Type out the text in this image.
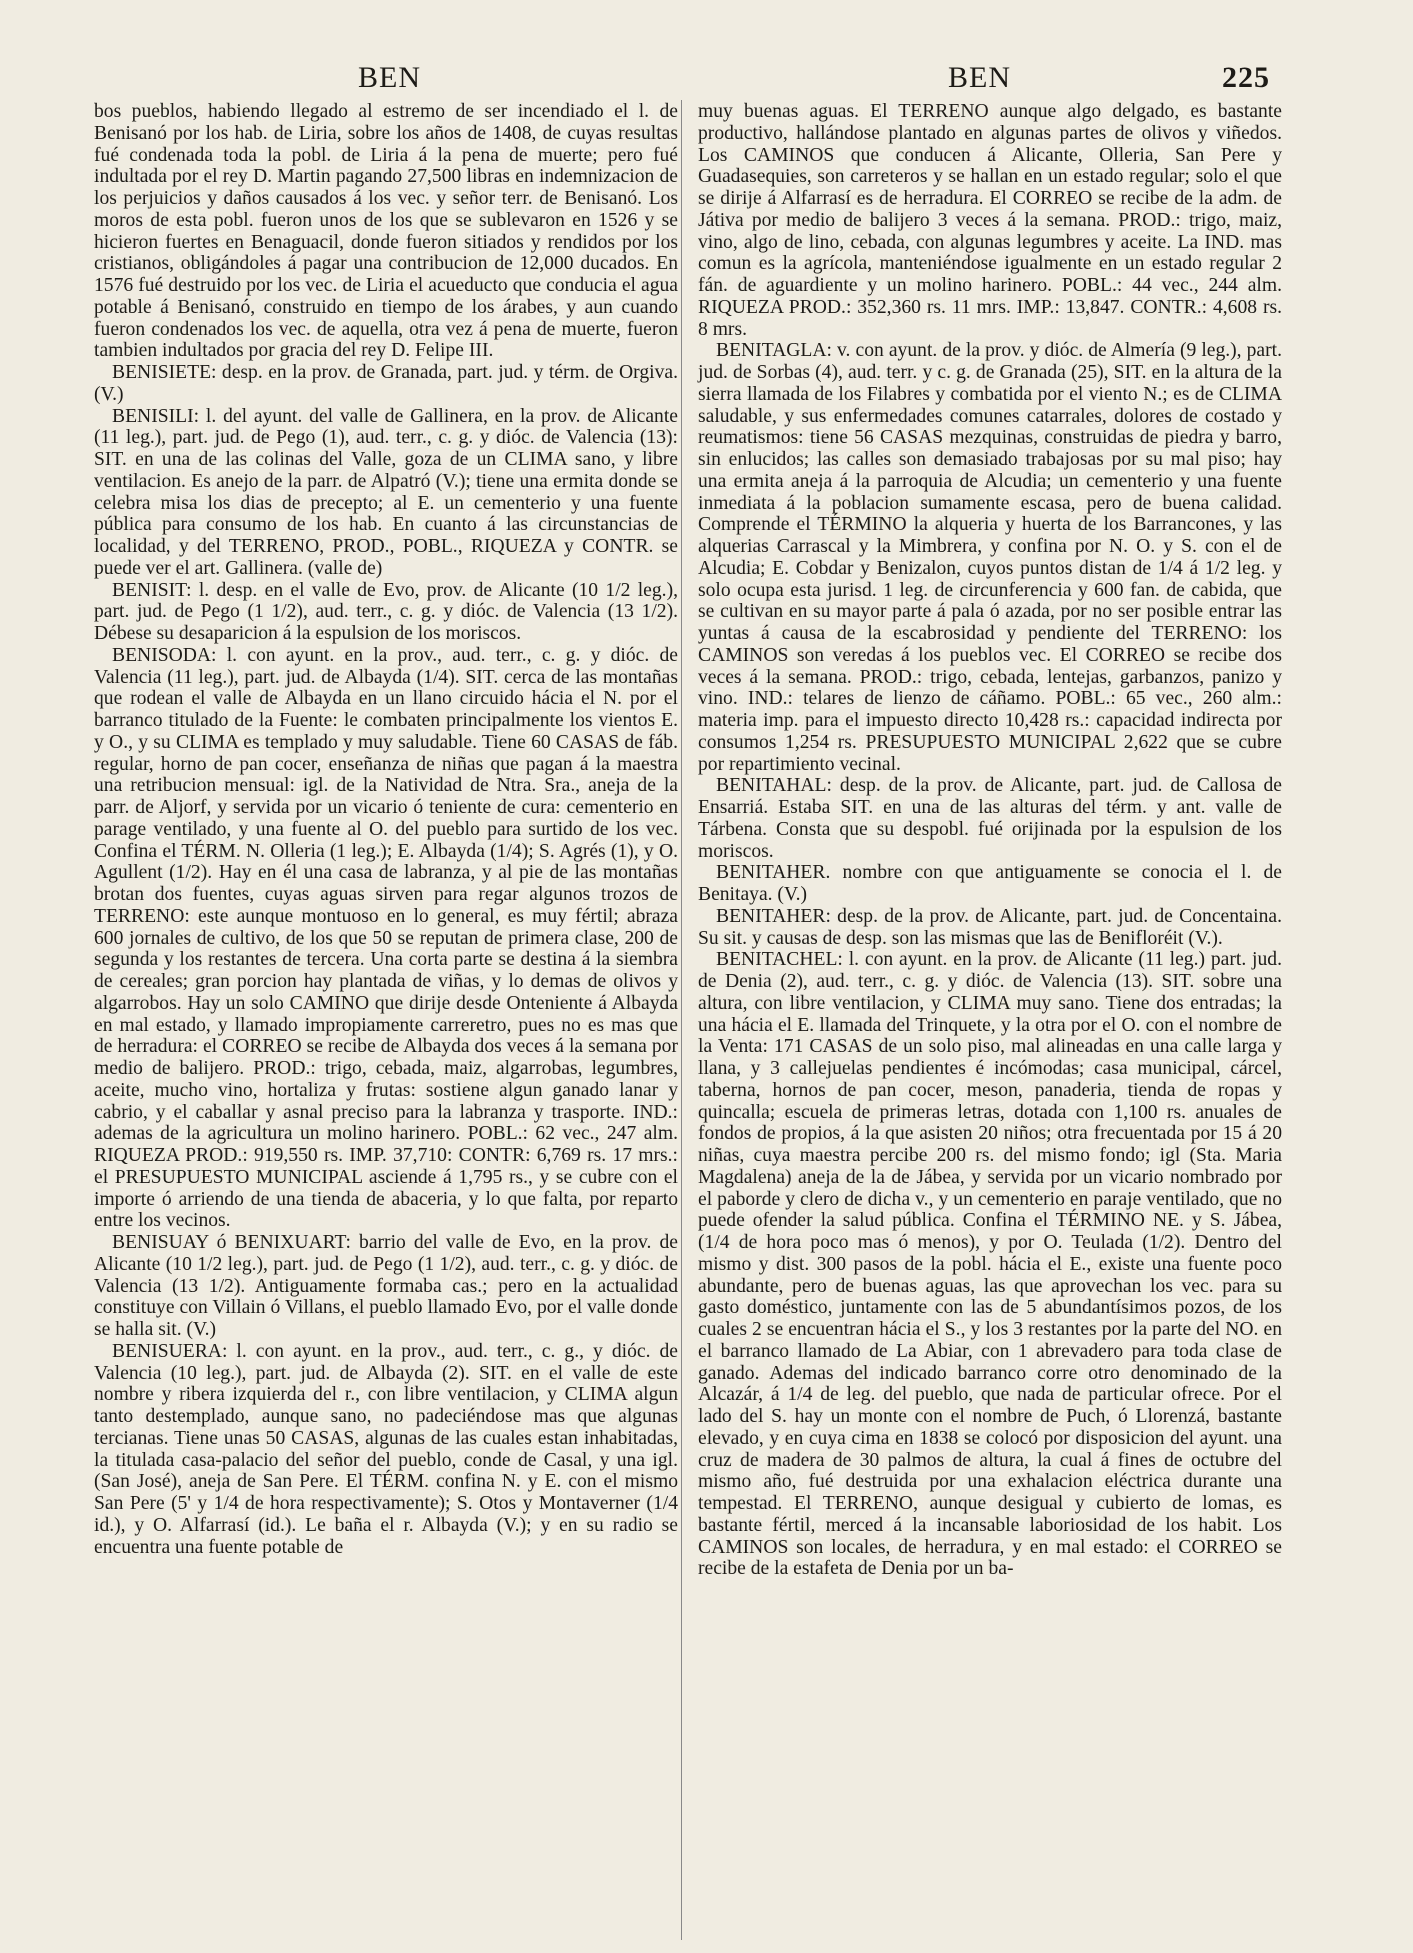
BEN	BEN	225

bos pueblos, habiendo llegado al estremo de ser incendiado el l. de Benisanó por los hab. de Liria, sobre los años de 1408, de cuyas resultas fué condenada toda la pobl. de Liria á la pena de muerte; pero fué indultada por el rey D. Martin pagando 27,500 libras en indemnizacion de los perjuicios y daños causados á los vec. y señor terr. de Benisanó. Los moros de esta pobl. fueron unos de los que se sublevaron en 1526 y se hicieron fuertes en Benaguacil, donde fueron sitiados y rendidos por los cristianos, obligándoles á pagar una contribucion de 12,000 ducados. En 1576 fué destruido por los vec. de Liria el acueducto que conducia el agua potable á Benisanó, construido en tiempo de los árabes, y aun cuando fueron condenados los vec. de aquella, otra vez á pena de muerte, fueron tambien indultados por gracia del rey D. Felipe III.

BENISIETE: desp. en la prov. de Granada, part. jud. y térm. de Orgiva. (V.)

BENISILI: l. del ayunt. del valle de Gallinera, en la prov. de Alicante (11 leg.), part. jud. de Pego (1), aud. terr., c. g. y dióc. de Valencia (13): SIT. en una de las colinas del Valle, goza de un CLIMA sano, y libre ventilacion. Es anejo de la parr. de Alpatró (V.); tiene una ermita donde se celebra misa los dias de precepto; al E. un cementerio y una fuente pública para consumo de los hab. En cuanto á las circunstancias de localidad, y del TERRENO, PROD., POBL., RIQUEZA y CONTR. se puede ver el art. Gallinera. (valle de)

BENISIT: l. desp. en el valle de Evo, prov. de Alicante (10 1/2 leg.), part. jud. de Pego (1 1/2), aud. terr., c. g. y dióc. de Valencia (13 1/2). Débese su desaparicion á la espulsion de los moriscos.

BENISODA: l. con ayunt. en la prov., aud. terr., c. g. y dióc. de Valencia (11 leg.), part. jud. de Albayda (1/4). SIT. cerca de las montañas que rodean el valle de Albayda en un llano circuido hácia el N. por el barranco titulado de la Fuente: le combaten principalmente los vientos E. y O., y su CLIMA es templado y muy saludable. Tiene 60 CASAS de fáb. regular, horno de pan cocer, enseñanza de niñas que pagan á la maestra una retribucion mensual: igl. de la Natividad de Ntra. Sra., aneja de la parr. de Aljorf, y servida por un vicario ó teniente de cura: cementerio en parage ventilado, y una fuente al O. del pueblo para surtido de los vec. Confina el TÉRM. N. Olleria (1 leg.); E. Albayda (1/4); S. Agrés (1), y O. Agullent (1/2). Hay en él una casa de labranza, y al pie de las montañas brotan dos fuentes, cuyas aguas sirven para regar algunos trozos de TERRENO: este aunque montuoso en lo general, es muy fértil; abraza 600 jornales de cultivo, de los que 50 se reputan de primera clase, 200 de segunda y los restantes de tercera. Una corta parte se destina á la siembra de cereales; gran porcion hay plantada de viñas, y lo demas de olivos y algarrobos. Hay un solo CAMINO que dirije desde Onteniente á Albayda en mal estado, y llamado impropiamente carreretro, pues no es mas que de herradura: el CORREO se recibe de Albayda dos veces á la semana por medio de balijero. PROD.: trigo, cebada, maiz, algarrobas, legumbres, aceite, mucho vino, hortaliza y frutas: sostiene algun ganado lanar y cabrio, y el caballar y asnal preciso para la labranza y trasporte. IND.: ademas de la agricultura un molino harinero. POBL.: 62 vec., 247 alm. RIQUEZA PROD.: 919,550 rs. IMP. 37,710: CONTR: 6,769 rs. 17 mrs.: el PRESUPUESTO MUNICIPAL asciende á 1,795 rs., y se cubre con el importe ó arriendo de una tienda de abaceria, y lo que falta, por reparto entre los vecinos.

BENISUAY ó BENIXUART: barrio del valle de Evo, en la prov. de Alicante (10 1/2 leg.), part. jud. de Pego (1 1/2), aud. terr., c. g. y dióc. de Valencia (13 1/2). Antiguamente formaba cas.; pero en la actualidad constituye con Villain ó Villans, el pueblo llamado Evo, por el valle donde se halla sit. (V.)

BENISUERA: l. con ayunt. en la prov., aud. terr., c. g., y dióc. de Valencia (10 leg.), part. jud. de Albayda (2). SIT. en el valle de este nombre y ribera izquierda del r., con libre ventilacion, y CLIMA algun tanto destemplado, aunque sano, no padeciéndose mas que algunas tercianas. Tiene unas 50 CASAS, algunas de las cuales estan inhabitadas, la titulada casa-palacio del señor del pueblo, conde de Casal, y una igl. (San José), aneja de San Pere. El TÉRM. confina N. y E. con el mismo San Pere (5' y 1/4 de hora respectivamente); S. Otos y Montaverner (1/4 id.), y O. Alfarrasí (id.). Le baña el r. Albayda (V.); y en su radio se encuentra una fuente potable de

muy buenas aguas. El TERRENO aunque algo delgado, es bastante productivo, hallándose plantado en algunas partes de olivos y viñedos. Los CAMINOS que conducen á Alicante, Olleria, San Pere y Guadasequies, son carreteros y se hallan en un estado regular; solo el que se dirije á Alfarrasí es de herradura. El CORREO se recibe de la adm. de Játiva por medio de balijero 3 veces á la semana. PROD.: trigo, maiz, vino, algo de lino, cebada, con algunas legumbres y aceite. La IND. mas comun es la agrícola, manteniéndose igualmente en un estado regular 2 fán. de aguardiente y un molino harinero. POBL.: 44 vec., 244 alm. RIQUEZA PROD.: 352,360 rs. 11 mrs. IMP.: 13,847. CONTR.: 4,608 rs. 8 mrs.

BENITAGLA: v. con ayunt. de la prov. y dióc. de Almería (9 leg.), part. jud. de Sorbas (4), aud. terr. y c. g. de Granada (25), SIT. en la altura de la sierra llamada de los Filabres y combatida por el viento N.; es de CLIMA saludable, y sus enfermedades comunes catarrales, dolores de costado y reumatismos: tiene 56 CASAS mezquinas, construidas de piedra y barro, sin enlucidos; las calles son demasiado trabajosas por su mal piso; hay una ermita aneja á la parroquia de Alcudia; un cementerio y una fuente inmediata á la poblacion sumamente escasa, pero de buena calidad. Comprende el TÉRMINO la alqueria y huerta de los Barrancones, y las alquerias Carrascal y la Mimbrera, y confina por N. O. y S. con el de Alcudia; E. Cobdar y Benizalon, cuyos puntos distan de 1/4 á 1/2 leg. y solo ocupa esta jurisd. 1 leg. de circunferencia y 600 fan. de cabida, que se cultivan en su mayor parte á pala ó azada, por no ser posible entrar las yuntas á causa de la escabrosidad y pendiente del TERRENO: los CAMINOS son veredas á los pueblos vec. El CORREO se recibe dos veces á la semana. PROD.: trigo, cebada, lentejas, garbanzos, panizo y vino. IND.: telares de lienzo de cáñamo. POBL.: 65 vec., 260 alm.: materia imp. para el impuesto directo 10,428 rs.: capacidad indirecta por consumos 1,254 rs. PRESUPUESTO MUNICIPAL 2,622 que se cubre por repartimiento vecinal.

BENITAHAL: desp. de la prov. de Alicante, part. jud. de Callosa de Ensarriá. Estaba SIT. en una de las alturas del térm. y ant. valle de Tárbena. Consta que su despobl. fué orijinada por la espulsion de los moriscos.

BENITAHER. nombre con que antiguamente se conocia el l. de Benitaya. (V.)

BENITAHER: desp. de la prov. de Alicante, part. jud. de Concentaina. Su sit. y causas de desp. son las mismas que las de Benifloréit (V.).

BENITACHEL: l. con ayunt. en la prov. de Alicante (11 leg.) part. jud. de Denia (2), aud. terr., c. g. y dióc. de Valencia (13). SIT. sobre una altura, con libre ventilacion, y CLIMA muy sano. Tiene dos entradas; la una hácia el E. llamada del Trinquete, y la otra por el O. con el nombre de la Venta: 171 CASAS de un solo piso, mal alineadas en una calle larga y llana, y 3 callejuelas pendientes é incómodas; casa municipal, cárcel, taberna, hornos de pan cocer, meson, panaderia, tienda de ropas y quincalla; escuela de primeras letras, dotada con 1,100 rs. anuales de fondos de propios, á la que asisten 20 niños; otra frecuentada por 15 á 20 niñas, cuya maestra percibe 200 rs. del mismo fondo; igl (Sta. Maria Magdalena) aneja de la de Jábea, y servida por un vicario nombrado por el paborde y clero de dicha v., y un cementerio en paraje ventilado, que no puede ofender la salud pública. Confina el TÉRMINO NE. y S. Jábea, (1/4 de hora poco mas ó menos), y por O. Teulada (1/2). Dentro del mismo y dist. 300 pasos de la pobl. hácia el E., existe una fuente poco abundante, pero de buenas aguas, las que aprovechan los vec. para su gasto doméstico, juntamente con las de 5 abundantísimos pozos, de los cuales 2 se encuentran hácia el S., y los 3 restantes por la parte del NO. en el barranco llamado de La Abiar, con 1 abrevadero para toda clase de ganado. Ademas del indicado barranco corre otro denominado de la Alcazár, á 1/4 de leg. del pueblo, que nada de particular ofrece. Por el lado del S. hay un monte con el nombre de Puch, ó Llorenzá, bastante elevado, y en cuya cima en 1838 se colocó por disposicion del ayunt. una cruz de madera de 30 palmos de altura, la cual á fines de octubre del mismo año, fué destruida por una exhalacion eléctrica durante una tempestad. El TERRENO, aunque desigual y cubierto de lomas, es bastante fértil, merced á la incansable laboriosidad de los habit. Los CAMINOS son locales, de herradura, y en mal estado: el CORREO se recibe de la estafeta de Denia por un ba-
